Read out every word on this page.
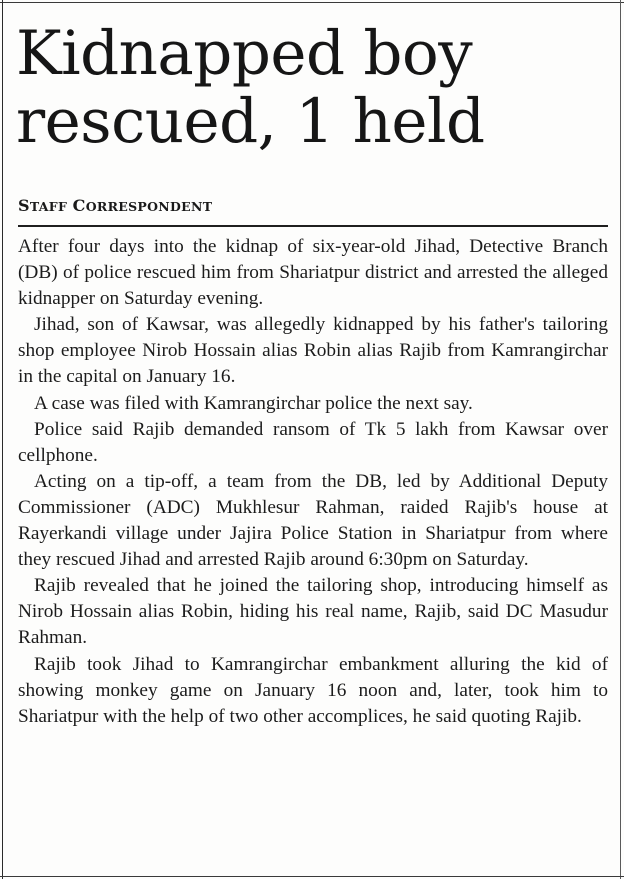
Kidnapped boy
rescued, 1 held
STAFF CORRESPONDENT

After four days into the kidnap of six-year-old Jihad, Detective Branch (DB) of police rescued him from Shariatpur district and arrested the alleged kidnapper on Saturday evening.

Jihad, son of Kawsar, was allegedly kidnapped by his father's tailoring shop employee Nirob Hossain alias Robin alias Rajib from Kamrangirchar in the capital on January 16.

A case was filed with Kamrangirchar police the next say.

Police said Rajib demanded ransom of Tk 5 lakh from Kawsar over cellphone.

Acting on a tip-off, a team from the DB, led by Additional Deputy Commissioner (ADC) Mukhlesur Rahman, raided Rajib's house at Rayerkandi village under Jajira Police Station in Shariatpur from where they rescued Jihad and arrested Rajib around 6:30pm on Saturday.

Rajib revealed that he joined the tailoring shop, introducing himself as Nirob Hossain alias Robin, hiding his real name, Rajib, said DC Masudur Rahman.

Rajib took Jihad to Kamrangirchar embankment alluring the kid of showing monkey game on January 16 noon and, later, took him to Shariatpur with the help of two other accomplices, he said quoting Rajib.
